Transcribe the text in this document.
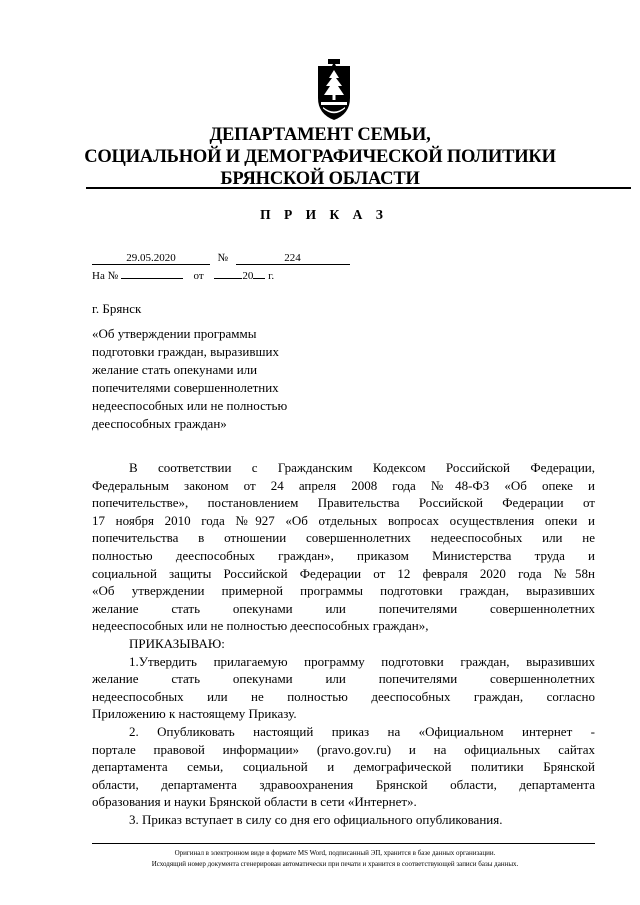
ДЕПАРТАМЕНТ СЕМЬИ,
СОЦИАЛЬНОЙ И ДЕМОГРАФИЧЕСКОЙ ПОЛИТИКИ
БРЯНСКОЙ ОБЛАСТИ
П Р И К А З
29.05.2020	№	224
На №	от	20 г.
г. Брянск
«Об утверждении программы
подготовки граждан, выразивших
желание стать опекунами или
попечителями совершеннолетних
недееспособных или не полностью
дееспособных граждан»

В соответствии с Гражданским Кодексом Российской Федерации,

Федеральным законом от 24 апреля 2008 года №48-ФЗ «Об опеке и

попечительстве», постановлением Правительства Российской Федерации от

17 ноября 2010 года №927 «Об отдельных вопросах осуществления опеки и

попечительства в отношении совершеннолетних недееспособных или не

полностью дееспособных граждан», приказом Министерства труда и

социальной защиты Российской Федерации от 12 февраля 2020 года №58н

«Об утверждении примерной программы подготовки граждан, выразивших

желание стать опекунами или попечителями совершеннолетних

недееспособных или не полностью дееспособных граждан»,

ПРИКАЗЫВАЮ:

1.Утвердить прилагаемую программу подготовки граждан, выразивших

желание стать опекунами или попечителями совершеннолетних

недееспособных или не полностью дееспособных граждан, согласно

Приложению к настоящему Приказу.

2. Опубликовать настоящий приказ на «Официальном интернет -

портале правовой информации» (pravo.gov.ru) и на официальных сайтах

департамента семьи, социальной и демографической политики Брянской

области, департамента здравоохранения Брянской области, департамента

образования и науки Брянской области в сети «Интернет».

3. Приказ вступает в силу со дня его официального опубликования.

Оригинал в электронном виде в формате MS Word, подписанный ЭП, хранится в базе данных организации.
Исходящий номер документа сгенерирован автоматически при печати и хранится в соответствующей записи базы данных.
